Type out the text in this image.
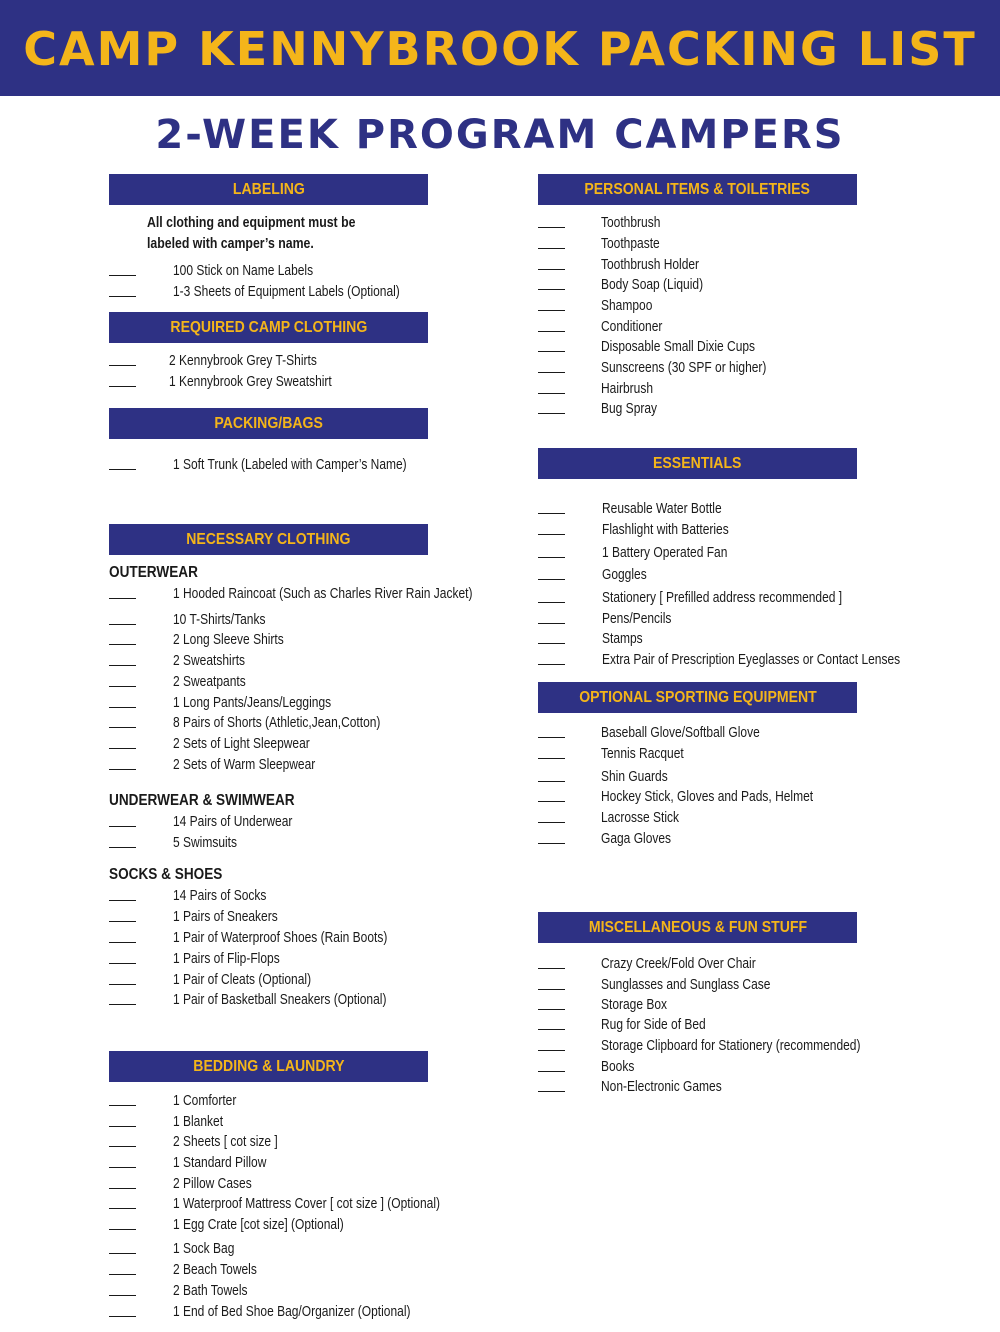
CAMP KENNYBROOK PACKING LIST
2-WEEK PROGRAM CAMPERS
LABELING
All clothing and equipment must be
labeled with camper’s name.
100 Stick on Name Labels
1-3 Sheets of Equipment Labels (Optional)
REQUIRED CAMP CLOTHING
2 Kennybrook Grey T-Shirts
1 Kennybrook Grey Sweatshirt
PACKING/BAGS
1 Soft Trunk (Labeled with Camper’s Name)
NECESSARY CLOTHING
OUTERWEAR
1 Hooded Raincoat (Such as Charles River Rain Jacket)
10 T-Shirts/Tanks
2 Long Sleeve Shirts
2 Sweatshirts
2 Sweatpants
1 Long Pants/Jeans/Leggings
8 Pairs of Shorts (Athletic,Jean,Cotton)
2 Sets of Light Sleepwear
2 Sets of Warm Sleepwear
UNDERWEAR & SWIMWEAR
14 Pairs of Underwear
5 Swimsuits
SOCKS & SHOES
14 Pairs of Socks
1 Pairs of Sneakers
1 Pair of Waterproof Shoes (Rain Boots)
1 Pairs of Flip-Flops
1 Pair of Cleats (Optional)
1 Pair of Basketball Sneakers (Optional)
BEDDING & LAUNDRY
1 Comforter
1 Blanket
2 Sheets [ cot size ]
1 Standard Pillow
2 Pillow Cases
1 Waterproof Mattress Cover [ cot size ] (Optional)
1 Egg Crate [cot size] (Optional)
1 Sock Bag
2 Beach Towels
2 Bath Towels
1 End of Bed Shoe Bag/Organizer (Optional)
PERSONAL ITEMS & TOILETRIES
Toothbrush
Toothpaste
Toothbrush Holder
Body Soap (Liquid)
Shampoo
Conditioner
Disposable Small Dixie Cups
Sunscreens (30 SPF or higher)
Hairbrush
Bug Spray
ESSENTIALS
Reusable Water Bottle
Flashlight with Batteries
1 Battery Operated Fan
Goggles
Stationery [ Prefilled address recommended ]
Pens/Pencils
Stamps
Extra Pair of Prescription Eyeglasses or Contact Lenses
OPTIONAL SPORTING EQUIPMENT
Baseball Glove/Softball Glove
Tennis Racquet
Shin Guards
Hockey Stick, Gloves and Pads, Helmet
Lacrosse Stick
Gaga Gloves
MISCELLANEOUS & FUN STUFF
Crazy Creek/Fold Over Chair
Sunglasses and Sunglass Case
Storage Box
Rug for Side of Bed
Storage Clipboard for Stationery (recommended)
Books
Non-Electronic Games
